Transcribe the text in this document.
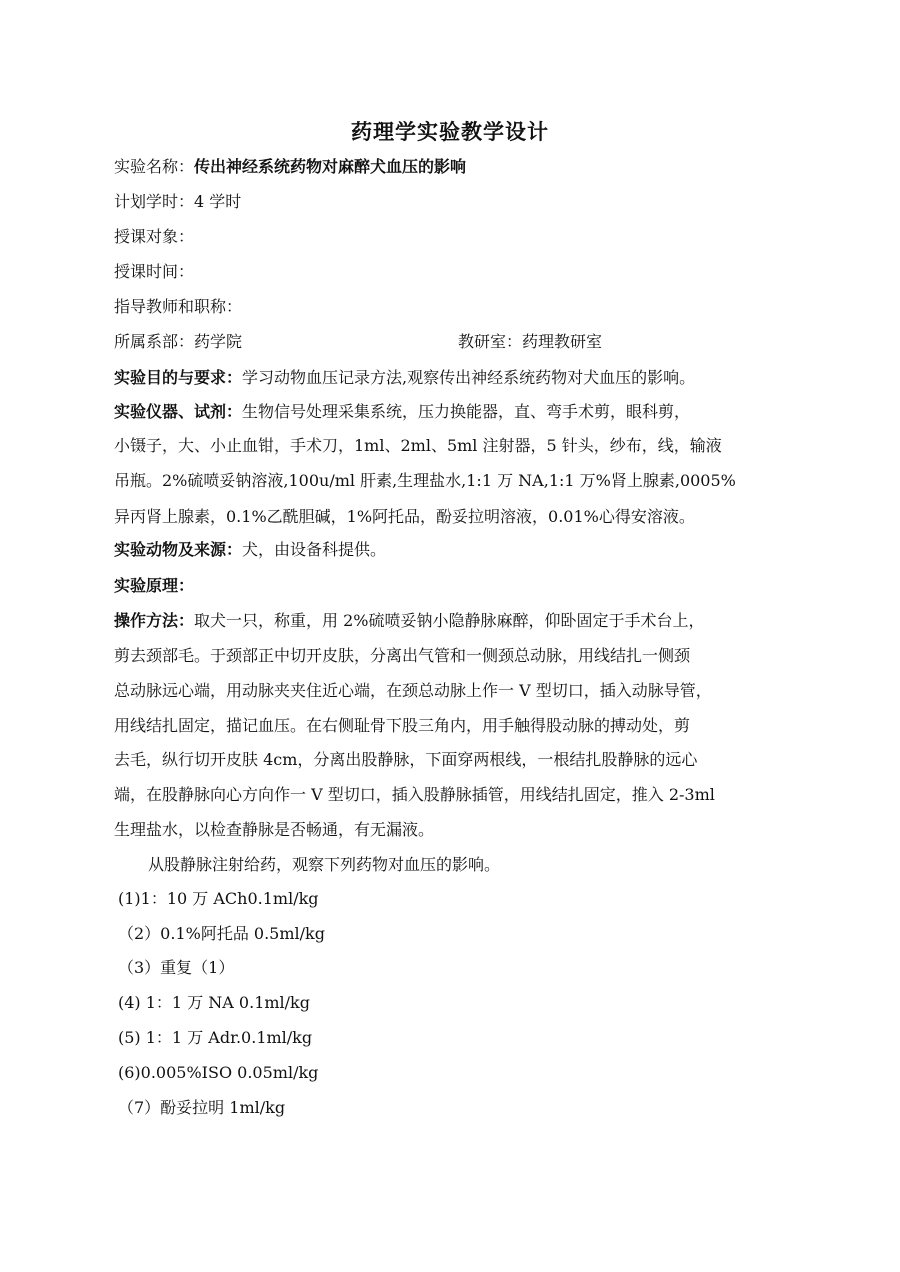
药理学实验教学设计
实验名称：传出神经系统药物对麻醉犬血压的影响
计划学时：4 学时
授课对象：
授课时间：
指导教师和职称：
所属系部：药学院	教研室：药理教研室
实验目的与要求：学习动物血压记录方法,观察传出神经系统药物对犬血压的影响。
实验仪器、试剂：生物信号处理采集系统，压力换能器，直、弯手术剪，眼科剪，
小镊子，大、小止血钳，手术刀，1ml、2ml、5ml 注射器，5 针头，纱布，线，输液
吊瓶。2%硫喷妥钠溶液,100u/ml 肝素,生理盐水,1:1 万 NA,1:1 万%肾上腺素,0005%
异丙肾上腺素，0.1%乙酰胆碱，1%阿托品，酚妥拉明溶液，0.01%心得安溶液。
实验动物及来源：犬，由设备科提供。
实验原理：
操作方法：取犬一只，称重，用 2%硫喷妥钠小隐静脉麻醉，仰卧固定于手术台上，
剪去颈部毛。于颈部正中切开皮肤，分离出气管和一侧颈总动脉，用线结扎一侧颈
总动脉远心端，用动脉夹夹住近心端，在颈总动脉上作一 V 型切口，插入动脉导管，
用线结扎固定，描记血压。在右侧耻骨下股三角内，用手触得股动脉的搏动处，剪
去毛，纵行切开皮肤 4cm，分离出股静脉，下面穿两根线，一根结扎股静脉的远心
端，在股静脉向心方向作一 V 型切口，插入股静脉插管，用线结扎固定，推入 2-3ml
生理盐水，以检查静脉是否畅通，有无漏液。
从股静脉注射给药，观察下列药物对血压的影响。
(1)1：10 万 ACh0.1ml/kg
（2）0.1%阿托品 0.5ml/kg
（3）重复（1）
(4) 1：1 万 NA 0.1ml/kg
(5) 1：1 万 Adr.0.1ml/kg
(6)0.005%ISO 0.05ml/kg
（7）酚妥拉明 1ml/kg
